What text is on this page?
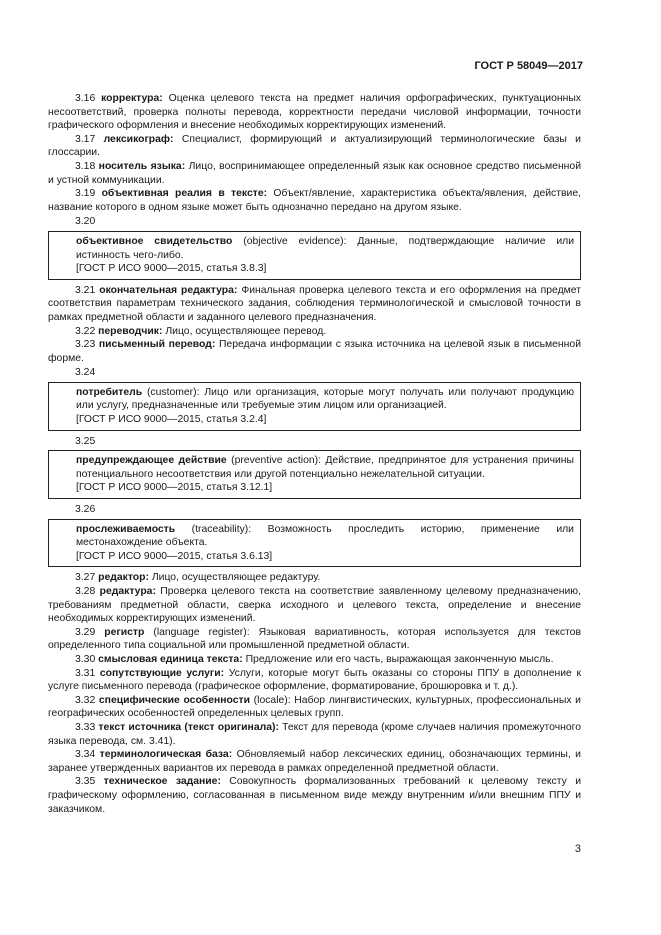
ГОСТ Р 58049—2017

3.16 корректура: Оценка целевого текста на предмет наличия орфографических, пунктуационных несоответствий, проверка полноты перевода, корректности передачи числовой информации, точности графического оформления и внесение необходимых корректирующих изменений.

3.17 лексикограф: Специалист, формирующий и актуализирующий терминологические базы и глоссарии.

3.18 носитель языка: Лицо, воспринимающее определенный язык как основное средство письменной и устной коммуникации.

3.19 объективная реалия в тексте: Объект/явление, характеристика объекта/явления, действие, название которого в одном языке может быть однозначно передано на другом языке.

3.20
объективное свидетельство (objective evidence): Данные, подтверждающие наличие или истинность чего-либо.
[ГОСТ Р ИСО 9000—2015, статья 3.8.3]

3.21 окончательная редактура: Финальная проверка целевого текста и его оформления на предмет соответствия параметрам технического задания, соблюдения терминологической и смысловой точности в рамках предметной области и заданного целевого предназначения.

3.22 переводчик: Лицо, осуществляющее перевод.

3.23 письменный перевод: Передача информации с языка источника на целевой язык в письменной форме.

3.24
потребитель (customer): Лицо или организация, которые могут получать или получают продукцию или услугу, предназначенные или требуемые этим лицом или организацией.
[ГОСТ Р ИСО 9000—2015, статья 3.2.4]
3.25
предупреждающее действие (preventive action): Действие, предпринятое для устранения причины потенциального несоответствия или другой потенциально нежелательной ситуации.
[ГОСТ Р ИСО 9000—2015, статья 3.12.1]
3.26
прослеживаемость (traceability): Возможность проследить историю, применение или местонахождение объекта.
[ГОСТ Р ИСО 9000—2015, статья 3.6.13]

3.27 редактор: Лицо, осуществляющее редактуру.

3.28 редактура: Проверка целевого текста на соответствие заявленному целевому предназначению, требованиям предметной области, сверка исходного и целевого текста, определение и внесение необходимых корректирующих изменений.

3.29 регистр (language register): Языковая вариативность, которая используется для текстов определенного типа социальной или промышленной предметной области.

3.30 смысловая единица текста: Предложение или его часть, выражающая законченную мысль.

3.31 сопутствующие услуги: Услуги, которые могут быть оказаны со стороны ППУ в дополнение к услуге письменного перевода (графическое оформление, форматирование, брошюровка и т. д.).

3.32 специфические особенности (locale): Набор лингвистических, культурных, профессиональных и географических особенностей определенных целевых групп.

3.33 текст источника (текст оригинала): Текст для перевода (кроме случаев наличия промежуточного языка перевода, см. 3.41).

3.34 терминологическая база: Обновляемый набор лексических единиц, обозначающих термины, и заранее утвержденных вариантов их перевода в рамках определенной предметной области.

3.35 техническое задание: Совокупность формализованных требований к целевому тексту и графическому оформлению, согласованная в письменном виде между внутренним и/или внешним ППУ и заказчиком.

3
